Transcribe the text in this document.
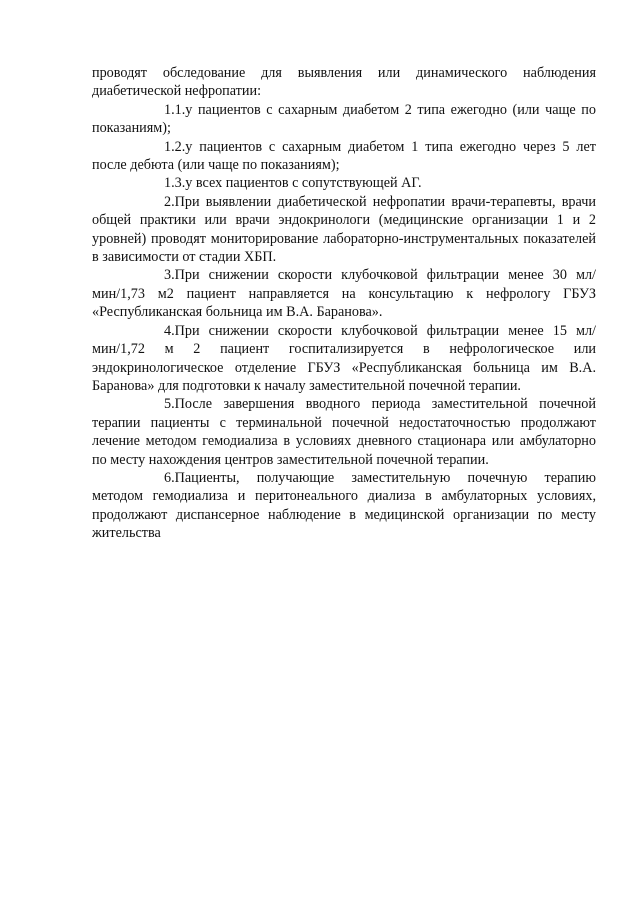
проводят обследование для выявления или динамического наблюдения диабетической нефропатии:

1.1.у пациентов с сахарным диабетом 2 типа ежегодно (или чаще по показаниям);

1.2.у пациентов с сахарным диабетом 1 типа ежегодно через 5 лет после дебюта (или чаще по показаниям);

1.3.у всех пациентов с сопутствующей АГ.

2.При выявлении диабетической нефропатии врачи-терапевты, врачи общей практики или врачи эндокринологи (медицинские организации 1 и 2 уровней) проводят мониторирование лабораторно-инструментальных показателей в зависимости от стадии ХБП.

3.При снижении скорости клубочковой фильтрации менее 30 мл/мин/1,73 м2 пациент направляется на консультацию к нефрологу ГБУЗ «Республиканская больница им В.А. Баранова».

4.При снижении скорости клубочковой фильтрации менее 15 мл/мин/1,72 м 2 пациент госпитализируется в нефрологическое или эндокринологическое отделение ГБУЗ «Республиканская больница им В.А. Баранова» для подготовки к началу заместительной почечной терапии.

5.После завершения вводного периода заместительной почечной терапии пациенты с терминальной почечной недостаточностью продолжают лечение методом гемодиализа в условиях дневного стационара или амбулаторно по месту нахождения центров заместительной почечной терапии.

6.Пациенты, получающие заместительную почечную терапию методом гемодиализа и перитонеального диализа в амбулаторных условиях, продолжают диспансерное наблюдение в медицинской организации по месту жительства
